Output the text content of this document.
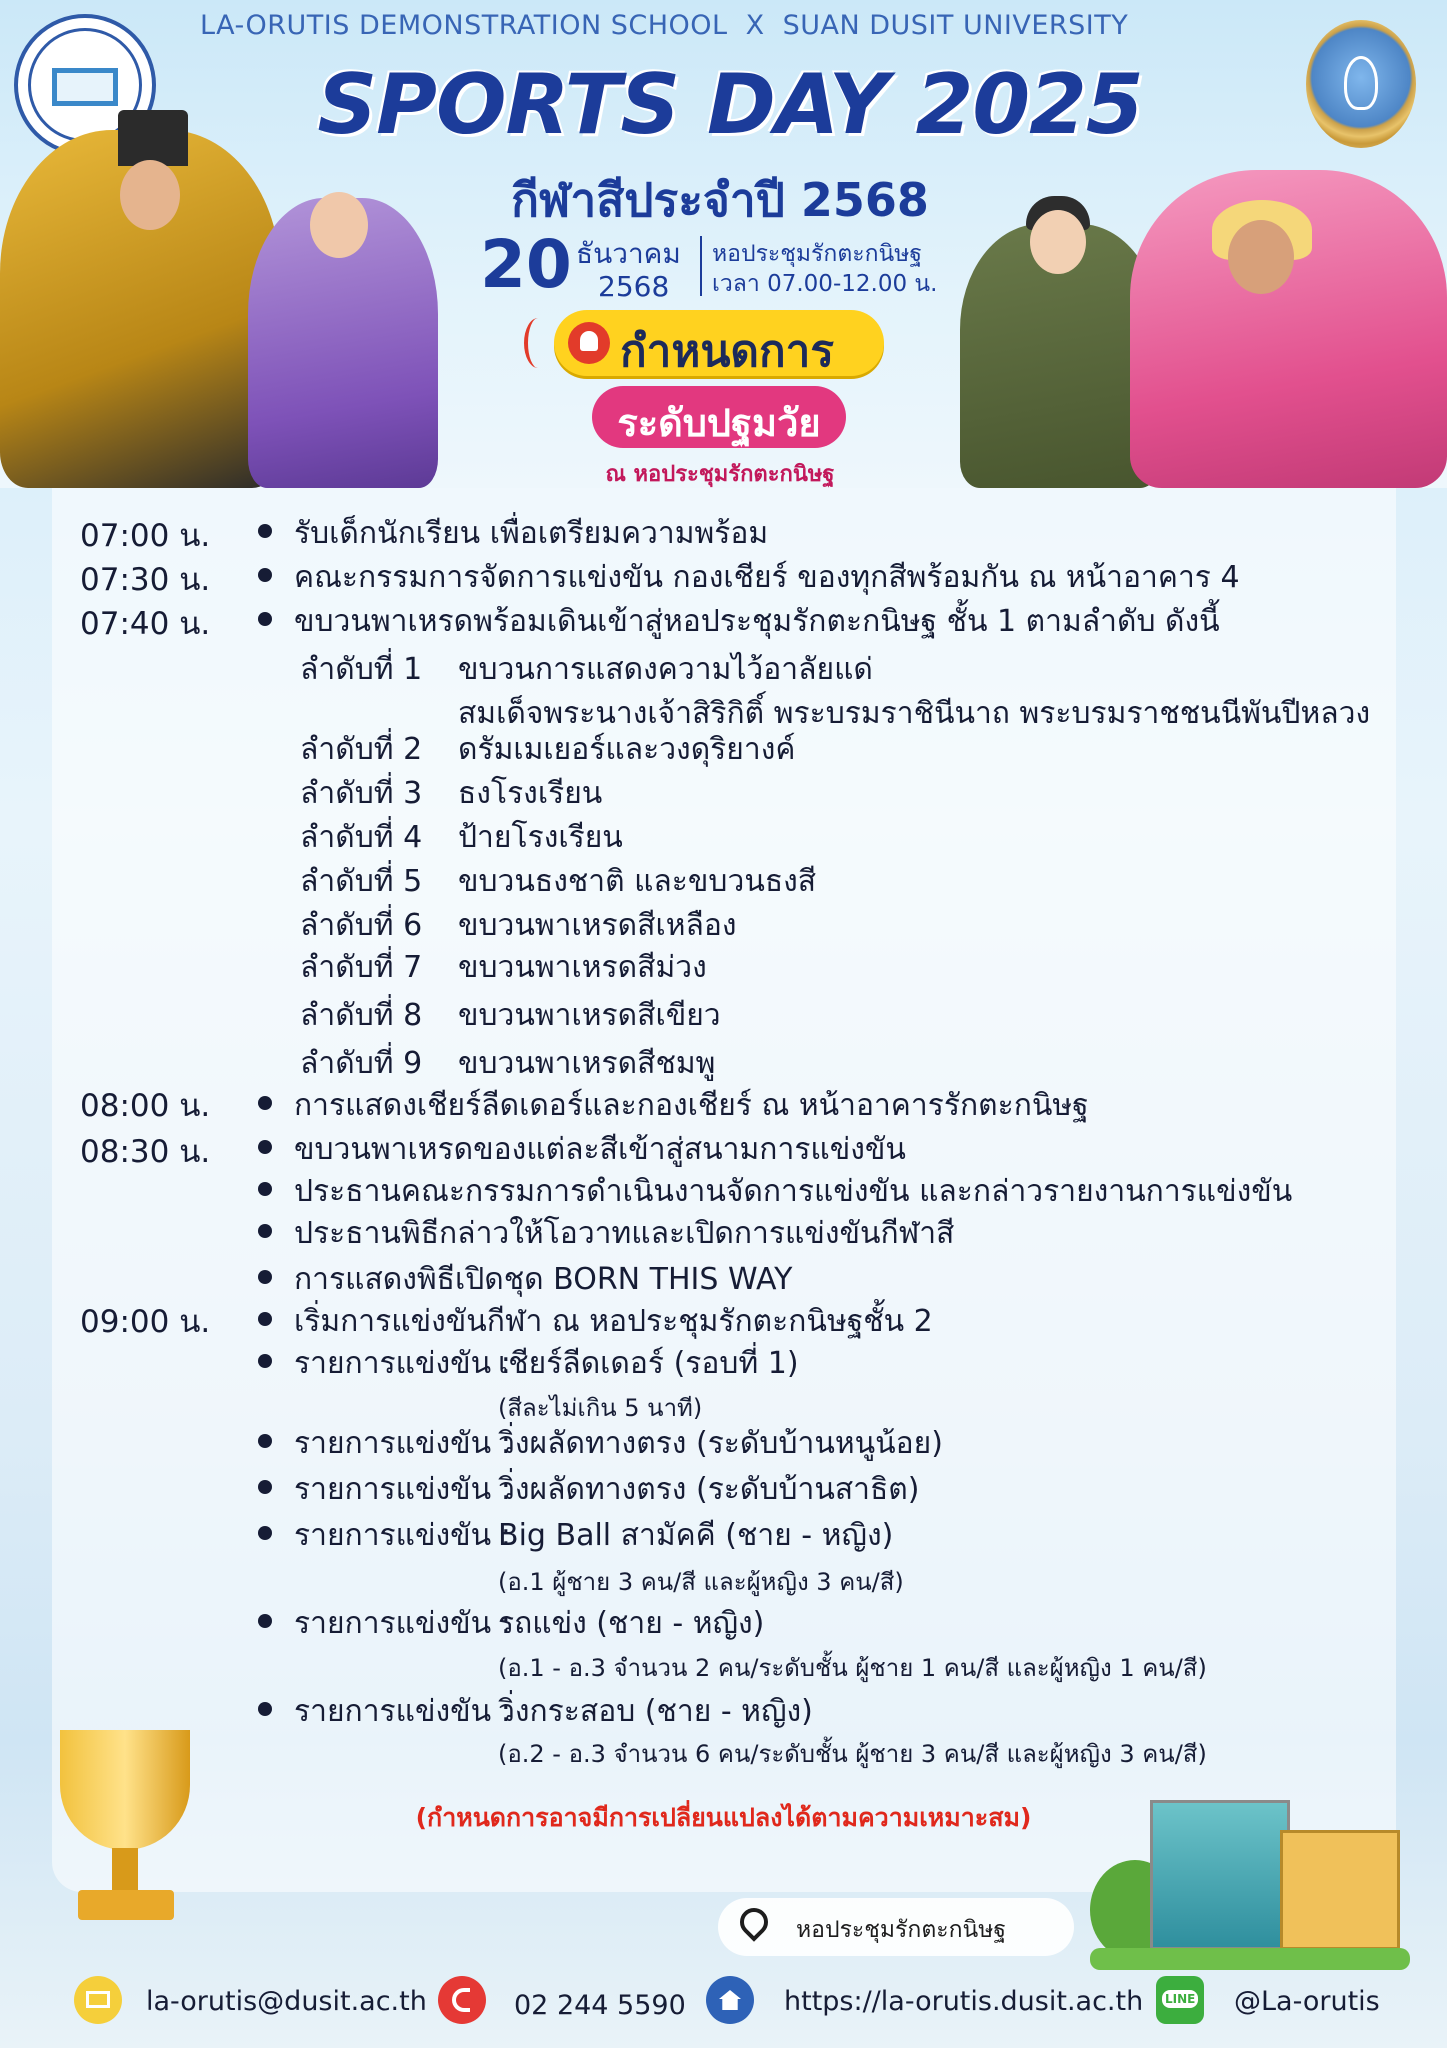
LA-ORUTIS DEMONSTRATION SCHOOL X SUAN DUSIT UNIVERSITY
SPORTS DAY 2025
กีฬาสีประจำปี 2568
20 ธันวาคม
2568
หอประชุมรักตะกนิษฐ
เวลา 07.00-12.00 น.
กำหนดการ
ระดับปฐมวัย
ณ หอประชุมรักตะกนิษฐ
07:00 น.	รับเด็กนักเรียน เพื่อเตรียมความพร้อม
07:30 น.	คณะกรรมการจัดการแข่งขัน กองเชียร์ ของทุกสีพร้อมกัน ณ หน้าอาคาร 4
07:40 น.	ขบวนพาเหรดพร้อมเดินเข้าสู่หอประชุมรักตะกนิษฐ ชั้น 1 ตามลำดับ ดังนี้
ลำดับที่ 1 ขบวนการแสดงความไว้อาลัยแด่
สมเด็จพระนางเจ้าสิริกิติ์ พระบรมราชินีนาถ พระบรมราชชนนีพันปีหลวง
ลำดับที่ 2 ดรัมเมเยอร์และวงดุริยางค์
ลำดับที่ 3 ธงโรงเรียน
ลำดับที่ 4 ป้ายโรงเรียน
ลำดับที่ 5 ขบวนธงชาติ และขบวนธงสี
ลำดับที่ 6 ขบวนพาเหรดสีเหลือง
ลำดับที่ 7 ขบวนพาเหรดสีม่วง
ลำดับที่ 8 ขบวนพาเหรดสีเขียว
ลำดับที่ 9 ขบวนพาเหรดสีชมพู
08:00 น.	การแสดงเชียร์ลีดเดอร์และกองเชียร์ ณ หน้าอาคารรักตะกนิษฐ
08:30 น.	ขบวนพาเหรดของแต่ละสีเข้าสู่สนามการแข่งขัน
ประธานคณะกรรมการดำเนินงานจัดการแข่งขัน และกล่าวรายงานการแข่งขัน
ประธานพิธีกล่าวให้โอวาทและเปิดการแข่งขันกีฬาสี
การแสดงพิธีเปิดชุด BORN THIS WAY
09:00 น.	เริ่มการแข่งขันกีฬา ณ หอประชุมรักตะกนิษฐชั้น 2
รายการแข่งขัน :
เชียร์ลีดเดอร์ (รอบที่ 1)
(สีละไม่เกิน 5 นาที)
รายการแข่งขัน :
วิ่งผลัดทางตรง (ระดับบ้านหนูน้อย)
รายการแข่งขัน :
วิ่งผลัดทางตรง (ระดับบ้านสาธิต)
รายการแข่งขัน :
Big Ball สามัคคี (ชาย - หญิง)
(อ.1 ผู้ชาย 3 คน/สี และผู้หญิง 3 คน/สี)
รายการแข่งขัน :
รถแข่ง (ชาย - หญิง)
(อ.1 - อ.3 จำนวน 2 คน/ระดับชั้น ผู้ชาย 1 คน/สี และผู้หญิง 1 คน/สี)
รายการแข่งขัน :
วิ่งกระสอบ (ชาย - หญิง)
(อ.2 - อ.3 จำนวน 6 คน/ระดับชั้น ผู้ชาย 3 คน/สี และผู้หญิง 3 คน/สี)
(กำหนดการอาจมีการเปลี่ยนแปลงได้ตามความเหมาะสม)
หอประชุมรักตะกนิษฐ
la-orutis@dusit.ac.th	02 244 5590	https://la-orutis.dusit.ac.th
LINE	@La-orutis
